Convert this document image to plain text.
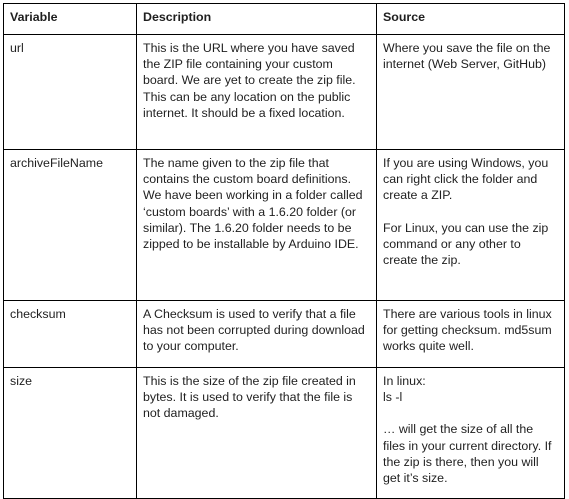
Variable	Description	Source

url	This is the URL where you have saved the ZIP file containing your custom board. We are yet to create the zip file. This can be any location on the public internet. It should be a fixed location.	Where you save the file on the internet (Web Server, GitHub)

archiveFileName	The name given to the zip file that contains the custom board definitions. We have been working in a folder called ‘custom boards’ with a 1.6.20 folder (or similar). The 1.6.20 folder needs to be zipped to be installable by Arduino IDE.	If you are using Windows, you can right click the folder and create a ZIP.

For Linux, you can use the zip command or any other to create the zip.

checksum	A Checksum is used to verify that a file has not been corrupted during download to your computer.	There are various tools in linux for getting checksum. md5sum works quite well.

size	This is the size of the zip file created in bytes. It is used to verify that the file is not damaged.	In linux:
ls -l

… will get the size of all the files in your current directory. If the zip is there, then you will get it’s size.
